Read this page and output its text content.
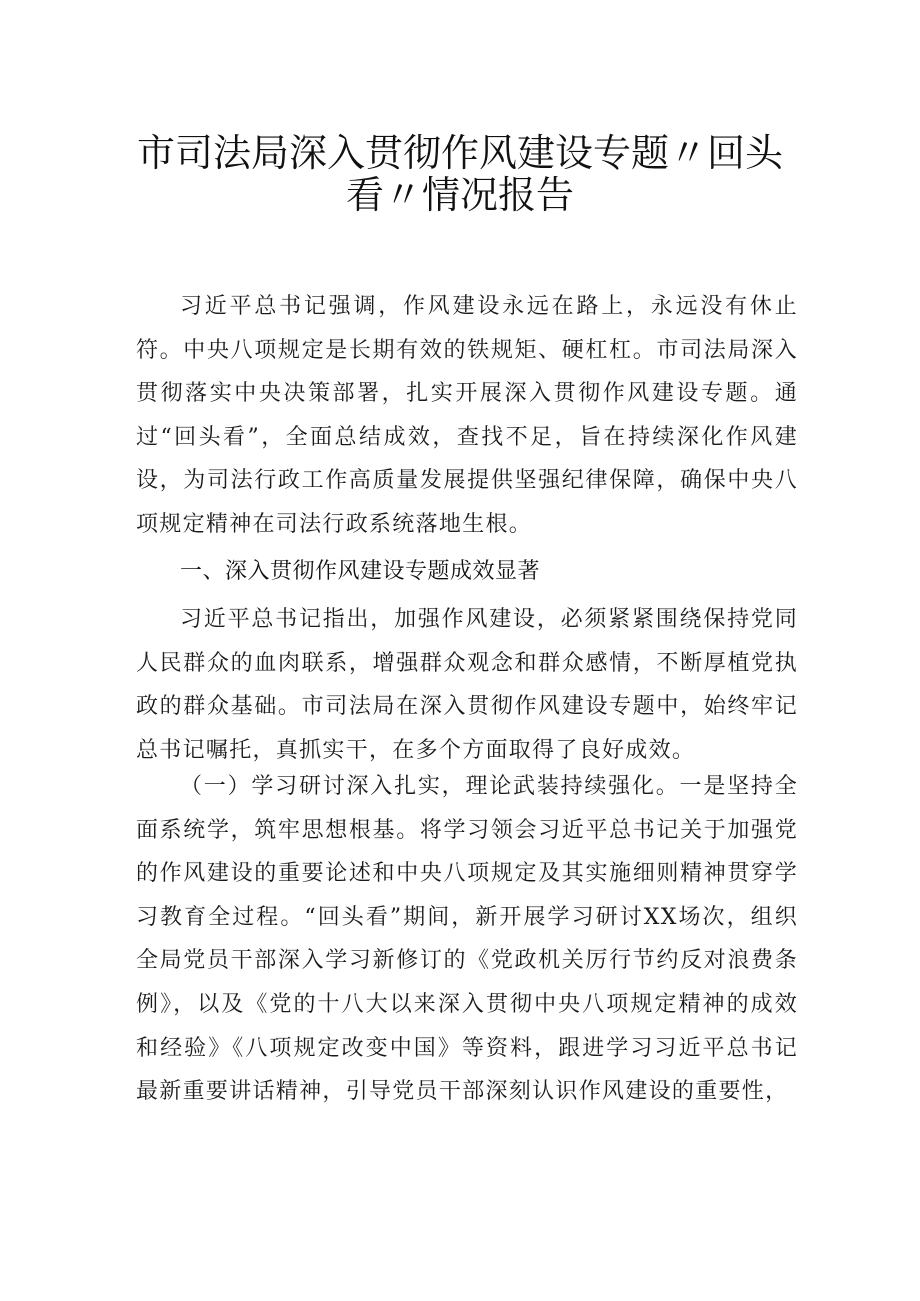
市司法局深入贯彻作风建设专题〃回头
看〃情况报告

习近平总书记强调，作风建设永远在路上，永远没有休止符。中央八项规定是长期有效的铁规矩、硬杠杠。市司法局深入贯彻落实中央决策部署，扎实开展深入贯彻作风建设专题。通过“回头看”，全面总结成效，查找不足，旨在持续深化作风建设，为司法行政工作高质量发展提供坚强纪律保障，确保中央八项规定精神在司法行政系统落地生根。

一、深入贯彻作风建设专题成效显著

习近平总书记指出，加强作风建设，必须紧紧围绕保持党同人民群众的血肉联系，增强群众观念和群众感情，不断厚植党执政的群众基础。市司法局在深入贯彻作风建设专题中，始终牢记总书记嘱托，真抓实干，在多个方面取得了良好成效。

（一）学习研讨深入扎实，理论武装持续强化。一是坚持全面系统学，筑牢思想根基。将学习领会习近平总书记关于加强党的作风建设的重要论述和中央八项规定及其实施细则精神贯穿学习教育全过程。“回头看”期间，新开展学习研讨XX场次，组织全局党员干部深入学习新修订的《党政机关厉行节约反对浪费条例》，以及《党的十八大以来深入贯彻中央八项规定精神的成效和经验》《八项规定改变中国》等资料，跟进学习习近平总书记最新重要讲话精神，引导党员干部深刻认识作风建设的重要性，
